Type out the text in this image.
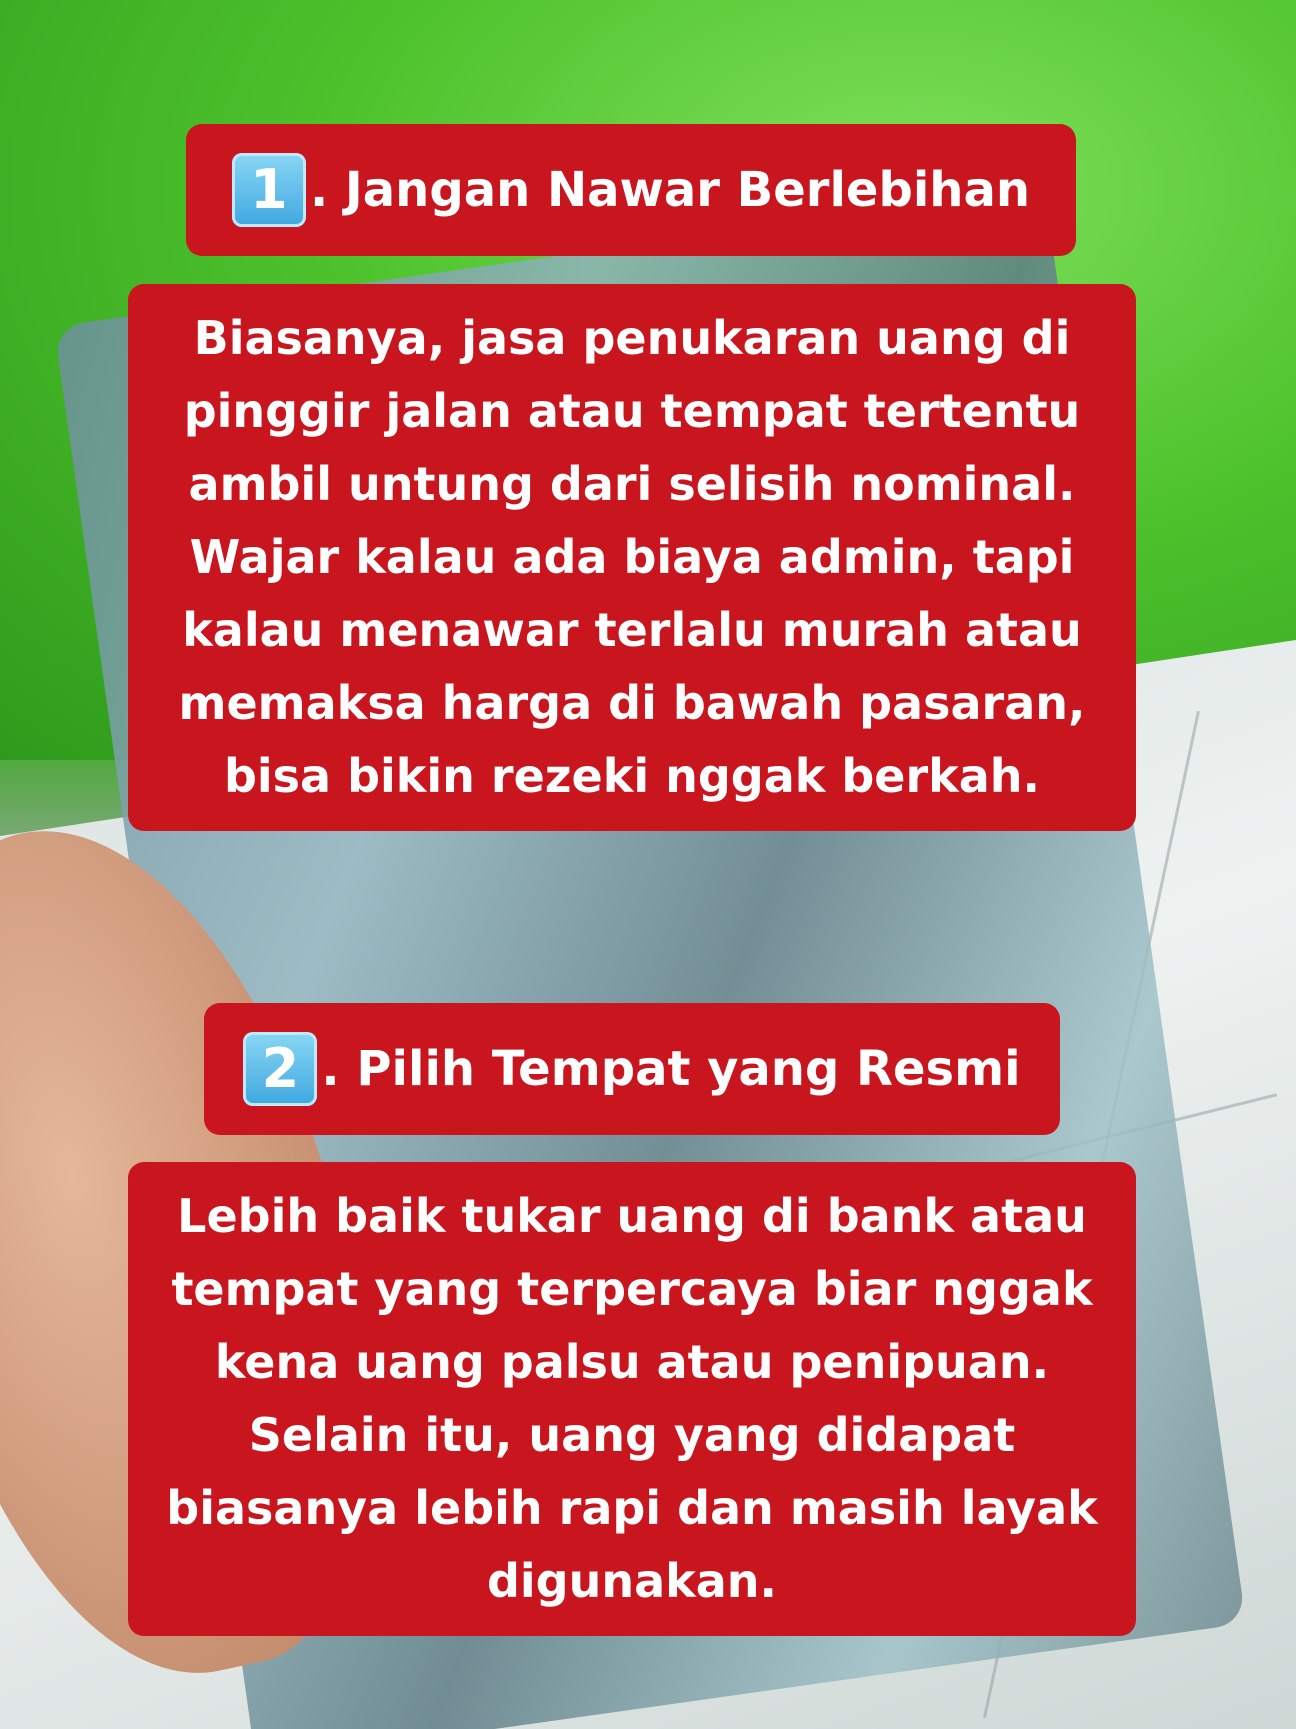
1 . Jangan Nawar Berlebihan
Biasanya, jasa penukaran uang di pinggir jalan atau tempat tertentu ambil untung dari selisih nominal. Wajar kalau ada biaya admin, tapi kalau menawar terlalu murah atau memaksa harga di bawah pasaran, bisa bikin rezeki nggak berkah.
2 . Pilih Tempat yang Resmi
Lebih baik tukar uang di bank atau tempat yang terpercaya biar nggak kena uang palsu atau penipuan. Selain itu, uang yang didapat biasanya lebih rapi dan masih layak digunakan.
